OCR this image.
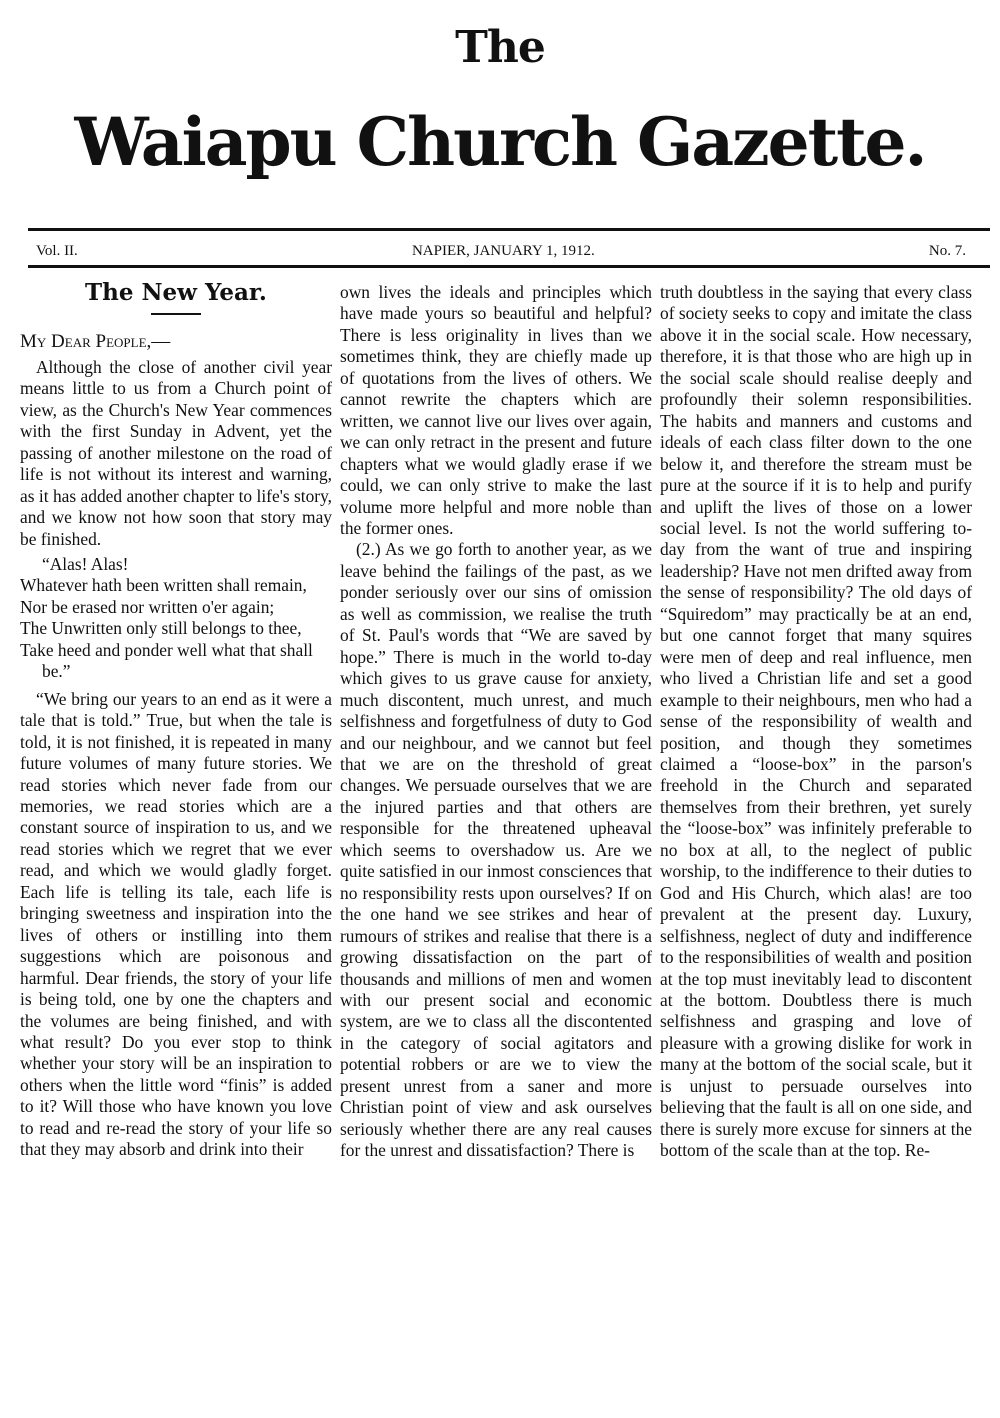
The
Waiapu Church Gazette.
Vol. II.	NAPIER, JANUARY 1, 1912.	No. 7.
The New Year.
My Dear People,—

Although the close of another civil year means little to us from a Church point of view, as the Church's New Year commences with the first Sunday in Advent, yet the passing of another milestone on the road of life is not without its interest and warning, as it has added another chapter to life's story, and we know not how soon that story may be finished.

“Alas! Alas!
Whatever hath been written shall remain,
Nor be erased nor written o'er again;
The Unwritten only still belongs to thee,
Take heed and ponder well what that shall be.”

“We bring our years to an end as it were a tale that is told.” True, but when the tale is told, it is not finished, it is repeated in many future volumes of many future stories. We read stories which never fade from our memories, we read stories which are a constant source of inspiration to us, and we read stories which we regret that we ever read, and which we would gladly forget. Each life is telling its tale, each life is bringing sweetness and inspiration into the lives of others or instilling into them suggestions which are poisonous and harmful. Dear friends, the story of your life is being told, one by one the chapters and the volumes are being finished, and with what result? Do you ever stop to think whether your story will be an inspiration to others when the little word “finis” is added to it? Will those who have known you love to read and re-read the story of your life so that they may absorb and drink into their

own lives the ideals and principles which have made yours so beautiful and helpful? There is less originality in lives than we sometimes think, they are chiefly made up of quotations from the lives of others. We cannot rewrite the chapters which are written, we cannot live our lives over again, we can only retract in the present and future chapters what we would gladly erase if we could, we can only strive to make the last volume more helpful and more noble than the former ones.

(2.) As we go forth to another year, as we leave behind the failings of the past, as we ponder seriously over our sins of omission as well as commission, we realise the truth of St. Paul's words that “We are saved by hope.” There is much in the world to-day which gives to us grave cause for anxiety, much discontent, much unrest, and much selfishness and forgetfulness of duty to God and our neighbour, and we cannot but feel that we are on the threshold of great changes. We persuade ourselves that we are the injured parties and that others are responsible for the threatened upheaval which seems to overshadow us. Are we quite satisfied in our inmost consciences that no responsibility rests upon ourselves? If on the one hand we see strikes and hear of rumours of strikes and realise that there is a growing dissatisfaction on the part of thousands and millions of men and women with our present social and economic system, are we to class all the discontented in the category of social agitators and potential robbers or are we to view the present unrest from a saner and more Christian point of view and ask ourselves seriously whether there are any real causes for the unrest and dissatisfaction? There is

truth doubtless in the saying that every class of society seeks to copy and imitate the class above it in the social scale. How necessary, therefore, it is that those who are high up in the social scale should realise deeply and profoundly their solemn responsibilities. The habits and manners and customs and ideals of each class filter down to the one below it, and therefore the stream must be pure at the source if it is to help and purify and uplift the lives of those on a lower social level. Is not the world suffering to-day from the want of true and inspiring leadership? Have not men drifted away from the sense of responsibility? The old days of “Squiredom” may practically be at an end, but one cannot forget that many squires were men of deep and real influence, men who lived a Christian life and set a good example to their neighbours, men who had a sense of the responsibility of wealth and position, and though they sometimes claimed a “loose-box” in the parson's freehold in the Church and separated themselves from their brethren, yet surely the “loose-box” was infinitely preferable to no box at all, to the neglect of public worship, to the indifference to their duties to God and His Church, which alas! are too prevalent at the present day. Luxury, selfishness, neglect of duty and indifference to the responsibilities of wealth and position at the top must inevitably lead to discontent at the bottom. Doubtless there is much selfishness and grasping and love of pleasure with a growing dislike for work in many at the bottom of the social scale, but it is unjust to persuade ourselves into believing that the fault is all on one side, and there is surely more excuse for sinners at the bottom of the scale than at the top. Re-
